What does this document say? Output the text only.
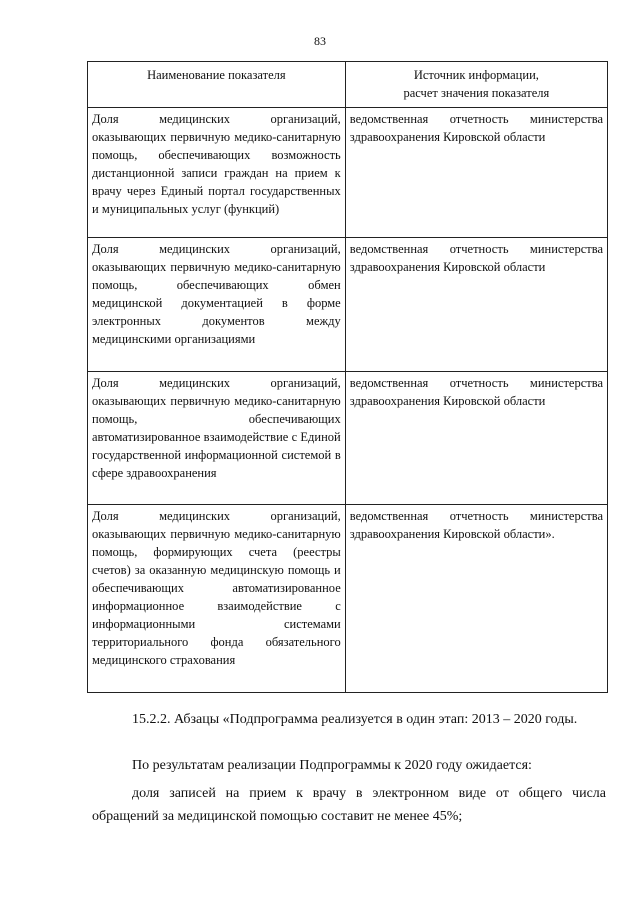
83
Наименование показателя	Источник информации,
расчет значения показателя
Доля медицинских организаций, оказывающих первичную медико-санитарную помощь, обеспечивающих возможность дистанционной записи граждан на прием к врачу через Единый портал государственных и муниципальных услуг (функций)	ведомственная отчетность министерства здравоохранения Кировской области
Доля медицинских организаций, оказывающих первичную медико-санитарную помощь, обеспечивающих обмен медицинской документацией в форме электронных документов между медицинскими организациями	ведомственная отчетность министерства здравоохранения Кировской области
Доля медицинских организаций, оказывающих первичную медико-санитарную помощь, обеспечивающих автоматизированное взаимодействие с Единой государственной информационной системой в сфере здравоохранения	ведомственная отчетность министерства здравоохранения Кировской области
Доля медицинских организаций, оказывающих первичную медико-санитарную помощь, формирующих счета (реестры счетов) за оказанную медицинскую помощь и обеспечивающих автоматизированное информационное взаимодействие с информационными системами территориального фонда обязательного медицинского страхования	ведомственная отчетность министерства здравоохранения Кировской области».
15.2.2. Абзацы «Подпрограмма реализуется в один этап: 2013 – 2020 годы.
По результатам реализации Подпрограммы к 2020 году ожидается:
доля записей на прием к врачу в электронном виде от общего числа обращений за медицинской помощью составит не менее 45%;
